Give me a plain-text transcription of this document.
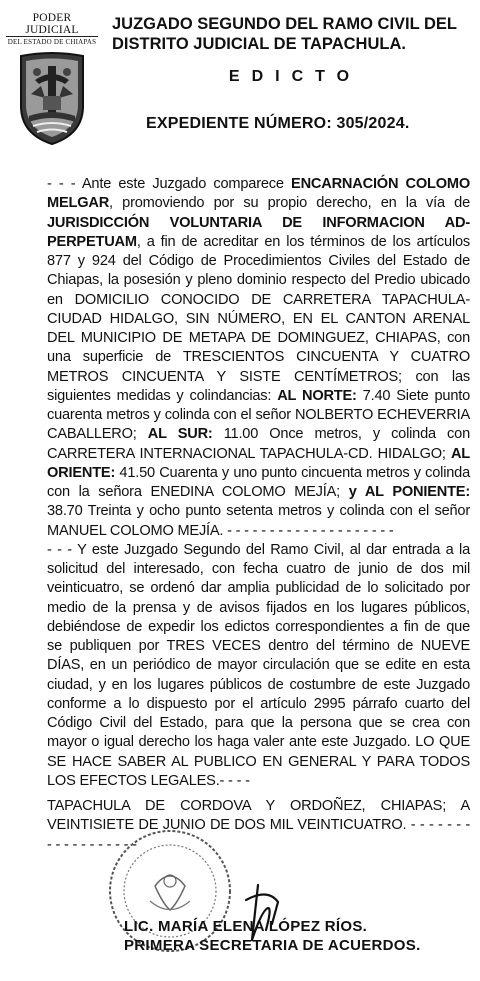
PODER JUDICIAL
DEL ESTADO DE CHIAPAS
JUZGADO SEGUNDO DEL RAMO CIVIL DEL
DISTRITO JUDICIAL DE TAPACHULA.
EDICTO
EXPEDIENTE NÚMERO: 305/2024.

- - - Ante este Juzgado comparece ENCARNACIÓN COLOMO MELGAR, promoviendo por su propio derecho, en la vía de JURISDICCIÓN VOLUNTARIA DE INFORMACION AD-PERPETUAM, a fin de acreditar en los términos de los artículos 877 y 924 del Código de Procedimientos Civiles del Estado de Chiapas, la posesión y pleno dominio respecto del Predio ubicado en DOMICILIO CONOCIDO DE CARRETERA TAPACHULA-CIUDAD HIDALGO, SIN NÚMERO, EN EL CANTON ARENAL DEL MUNICIPIO DE METAPA DE DOMINGUEZ, CHIAPAS, con una superficie de TRESCIENTOS CINCUENTA Y CUATRO METROS CINCUENTA Y SISTE CENTÍMETROS; con las siguientes medidas y colindancias: AL NORTE: 7.40 Siete punto cuarenta metros y colinda con el señor NOLBERTO ECHEVERRIA CABALLERO; AL SUR: 11.00 Once metros, y colinda con CARRETERA INTERNACIONAL TAPACHULA-CD. HIDALGO; AL ORIENTE: 41.50 Cuarenta y uno punto cincuenta metros y colinda con la señora ENEDINA COLOMO MEJÍA; y AL PONIENTE: 38.70 Treinta y ocho punto setenta metros y colinda con el señor MANUEL COLOMO MEJÍA. - - - - - - - - - - - - - - - - - - - -

- - - Y este Juzgado Segundo del Ramo Civil, al dar entrada a la solicitud del interesado, con fecha cuatro de junio de dos mil veinticuatro, se ordenó dar amplia publicidad de lo solicitado por medio de la prensa y de avisos fijados en los lugares públicos, debiéndose de expedir los edictos correspondientes a fin de que se publiquen por TRES VECES dentro del término de NUEVE DÍAS, en un periódico de mayor circulación que se edite en esta ciudad, y en los lugares públicos de costumbre de este Juzgado conforme a lo dispuesto por el artículo 2995 párrafo cuarto del Código Civil del Estado, para que la persona que se crea con mayor o igual derecho los haga valer ante este Juzgado. LO QUE SE HACE SABER AL PUBLICO EN GENERAL Y PARA TODOS LOS EFECTOS LEGALES.- - - -

TAPACHULA DE CORDOVA Y ORDOÑEZ, CHIAPAS; A VEINTISIETE DE JUNIO DE DOS MIL VEINTICUATRO. - - - - - - - - - - - - - - - - - -
LIC. MARÍA ELENA LÓPEZ RÍOS.
PRIMERA SECRETARIA DE ACUERDOS.
